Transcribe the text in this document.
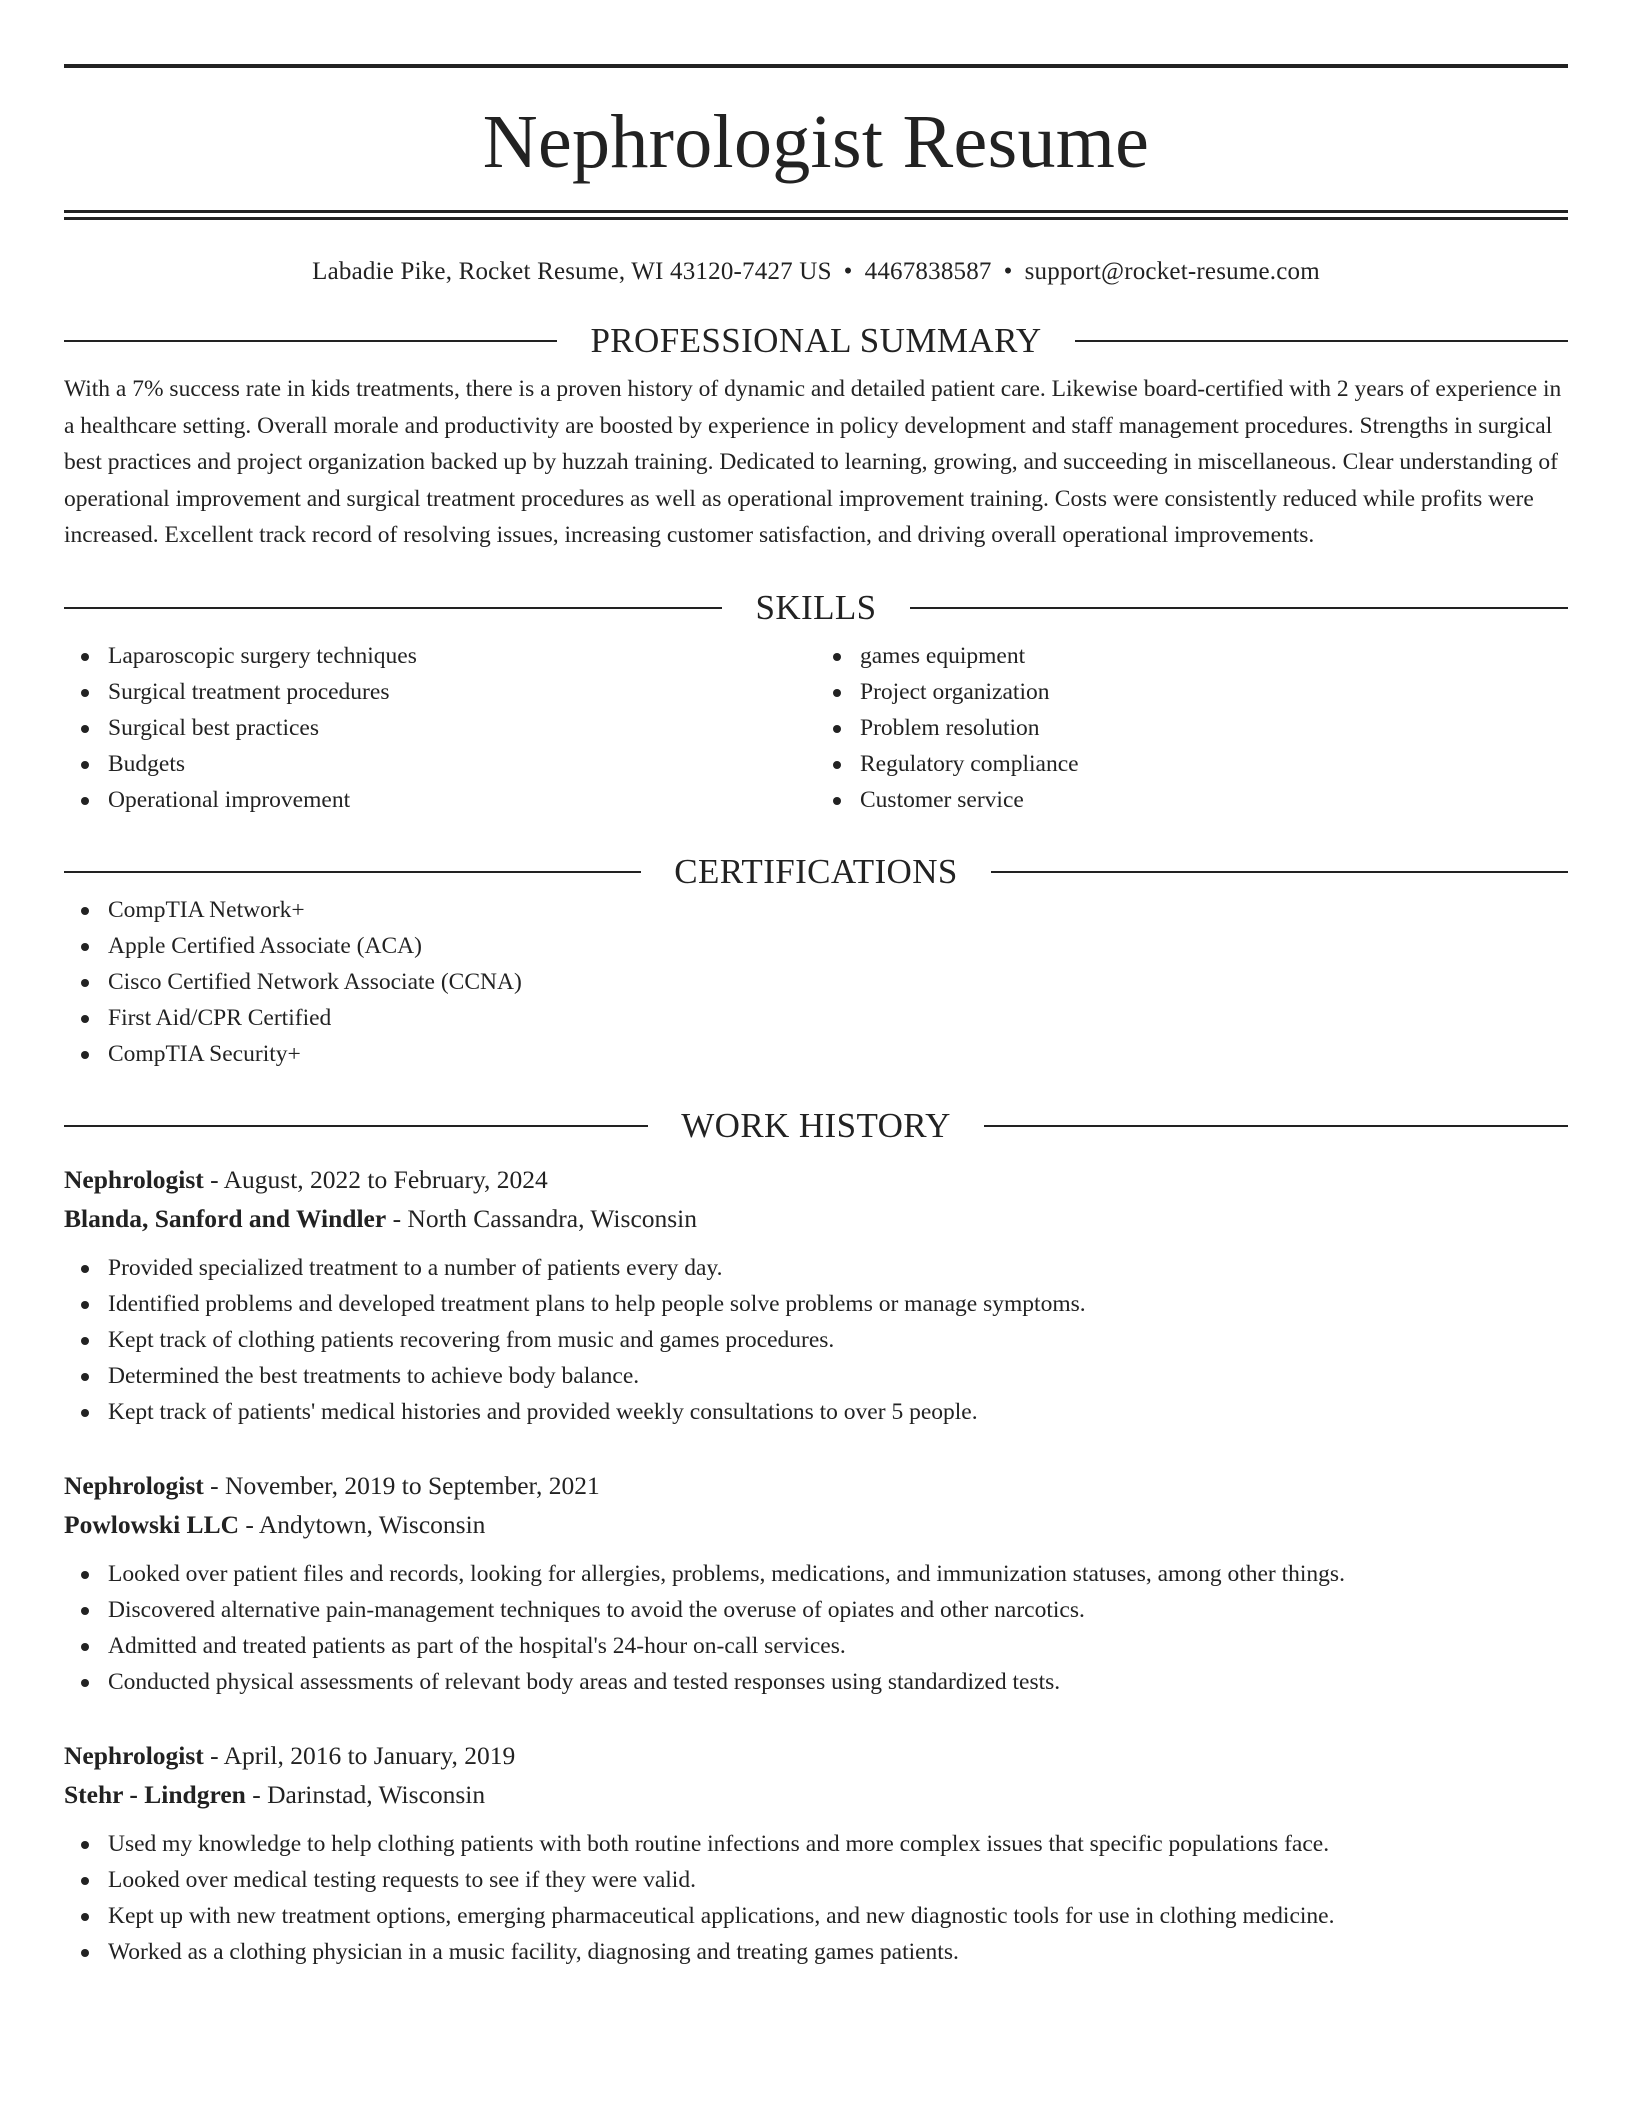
Nephrologist Resume
Labadie Pike, Rocket Resume, WI 43120-7427 US • 4467838587 • support@rocket-resume.com
PROFESSIONAL SUMMARY

With a 7% success rate in kids treatments, there is a proven history of dynamic and detailed patient care. Likewise board-certified with 2 years of experience in a healthcare setting. Overall morale and productivity are boosted by experience in policy development and staff management procedures. Strengths in surgical best practices and project organization backed up by huzzah training. Dedicated to learning, growing, and succeeding in miscellaneous. Clear understanding of operational improvement and surgical treatment procedures as well as operational improvement training. Costs were consistently reduced while profits were increased. Excellent track record of resolving issues, increasing customer satisfaction, and driving overall operational improvements.

SKILLS
Laparoscopic surgery techniques
Surgical treatment procedures
Surgical best practices
Budgets
Operational improvement
games equipment
Project organization
Problem resolution
Regulatory compliance
Customer service
CERTIFICATIONS
CompTIA Network+
Apple Certified Associate (ACA)
Cisco Certified Network Associate (CCNA)
First Aid/CPR Certified
CompTIA Security+
WORK HISTORY
Nephrologist - August, 2022 to February, 2024
Blanda, Sanford and Windler - North Cassandra, Wisconsin
Provided specialized treatment to a number of patients every day.
Identified problems and developed treatment plans to help people solve problems or manage symptoms.
Kept track of clothing patients recovering from music and games procedures.
Determined the best treatments to achieve body balance.
Kept track of patients' medical histories and provided weekly consultations to over 5 people.
Nephrologist - November, 2019 to September, 2021
Powlowski LLC - Andytown, Wisconsin
Looked over patient files and records, looking for allergies, problems, medications, and immunization statuses, among other things.
Discovered alternative pain-management techniques to avoid the overuse of opiates and other narcotics.
Admitted and treated patients as part of the hospital's 24-hour on-call services.
Conducted physical assessments of relevant body areas and tested responses using standardized tests.
Nephrologist - April, 2016 to January, 2019
Stehr - Lindgren - Darinstad, Wisconsin
Used my knowledge to help clothing patients with both routine infections and more complex issues that specific populations face.
Looked over medical testing requests to see if they were valid.
Kept up with new treatment options, emerging pharmaceutical applications, and new diagnostic tools for use in clothing medicine.
Worked as a clothing physician in a music facility, diagnosing and treating games patients.
